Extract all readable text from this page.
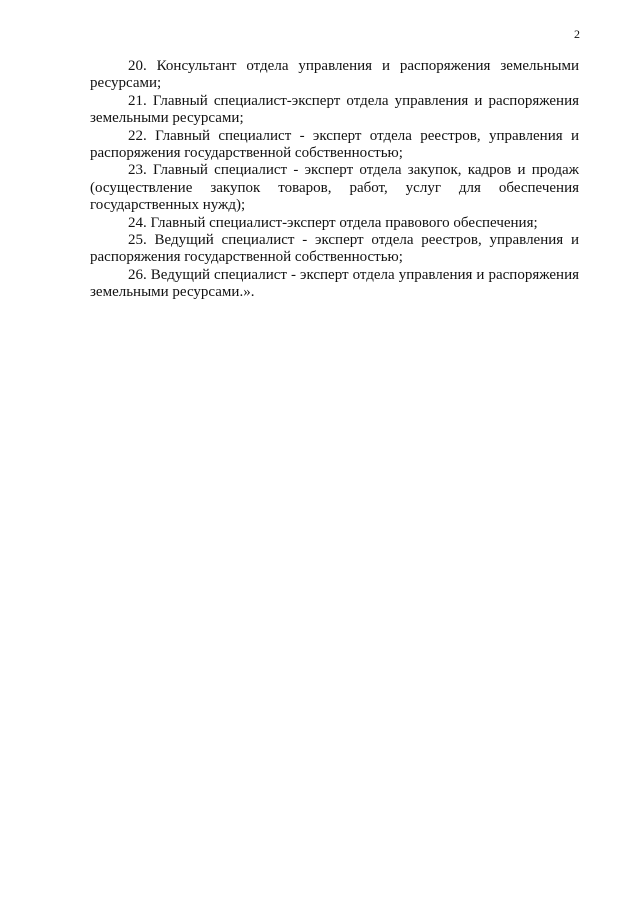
2

20. Консультант отдела управления и распоряжения земельными ресурсами;

21. Главный специалист-эксперт отдела управления и распоряжения земельными ресурсами;

22. Главный специалист - эксперт отдела реестров, управления и распоряжения государственной собственностью;

23. Главный специалист - эксперт отдела закупок, кадров и продаж (осуществление закупок товаров, работ, услуг для обеспечения государственных нужд);

24. Главный специалист-эксперт отдела правового обеспечения;

25. Ведущий специалист - эксперт отдела реестров, управления и распоряжения государственной собственностью;

26. Ведущий специалист - эксперт отдела управления и распоряжения земельными ресурсами.».
